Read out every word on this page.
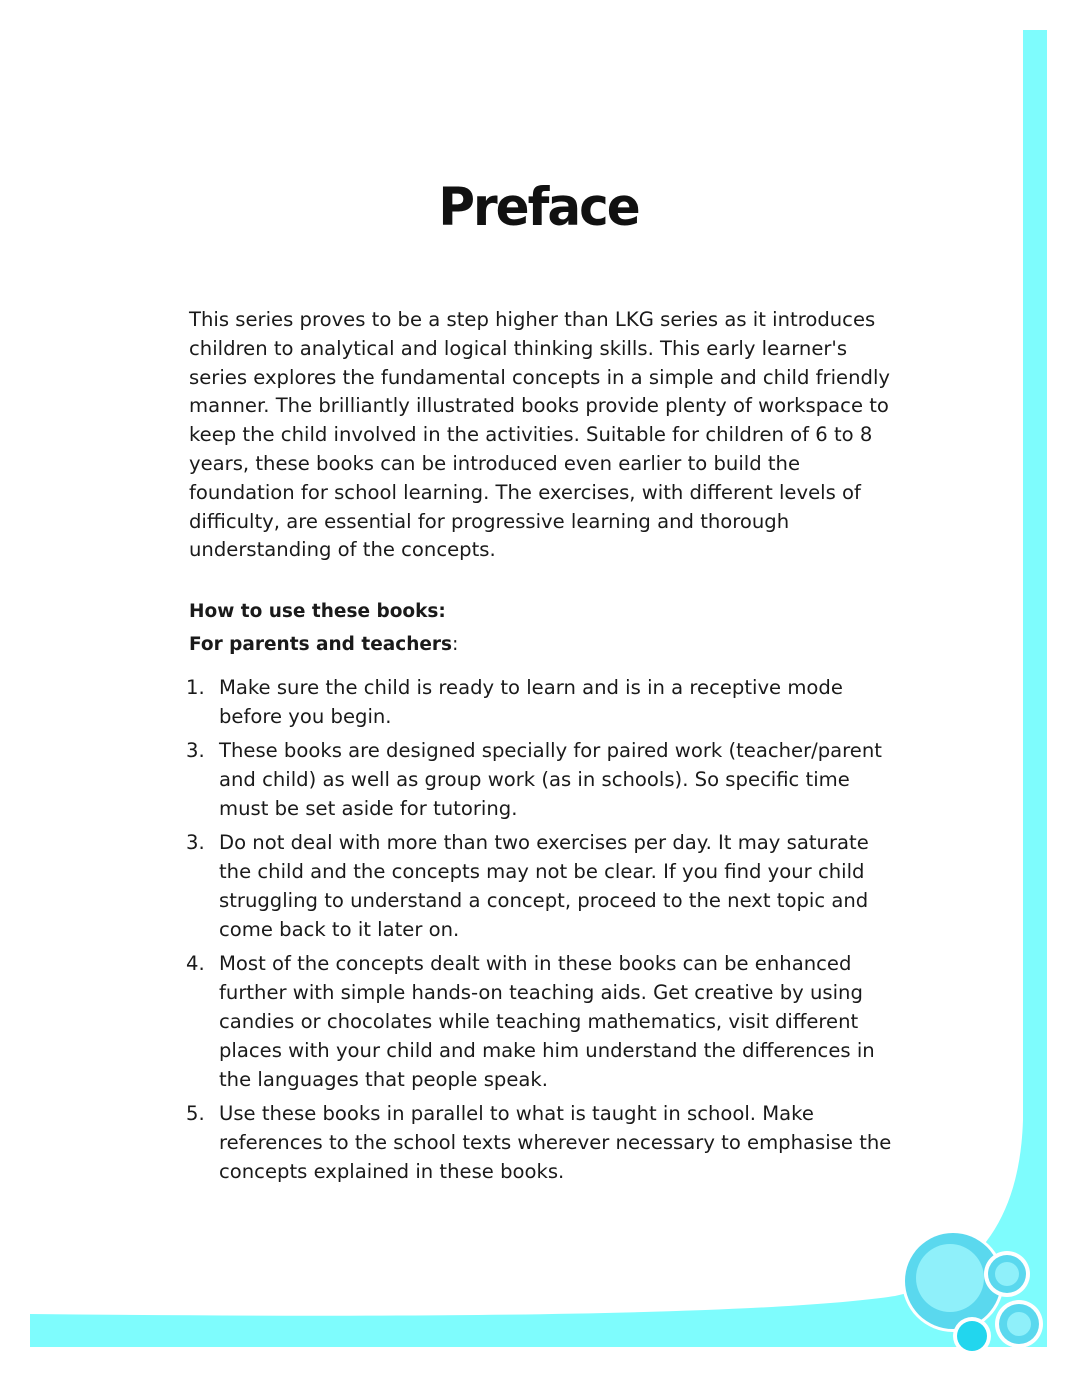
Preface

This series proves to be a step higher than LKG series as it introduces children to analytical and logical thinking skills. This early learner's series explores the fundamental concepts in a simple and child friendly manner. The brilliantly illustrated books provide plenty of workspace to keep the child involved in the activities. Suitable for children of 6 to 8 years, these books can be introduced even earlier to build the foundation for school learning. The exercises, with different levels of difficulty, are essential for progressive learning and thorough understanding of the concepts.

How to use these books:

For parents and teachers:

1. Make sure the child is ready to learn and is in a receptive mode before you begin.
3. These books are designed specially for paired work (teacher/parent and child) as well as group work (as in schools). So specific time must be set aside for tutoring.
3. Do not deal with more than two exercises per day. It may saturate the child and the concepts may not be clear. If you find your child struggling to understand a concept, proceed to the next topic and come back to it later on.
4. Most of the concepts dealt with in these books can be enhanced further with simple hands-on teaching aids. Get creative by using candies or chocolates while teaching mathematics, visit different places with your child and make him understand the differences in the languages that people speak.
5. Use these books in parallel to what is taught in school. Make references to the school texts wherever necessary to emphasise the concepts explained in these books.
